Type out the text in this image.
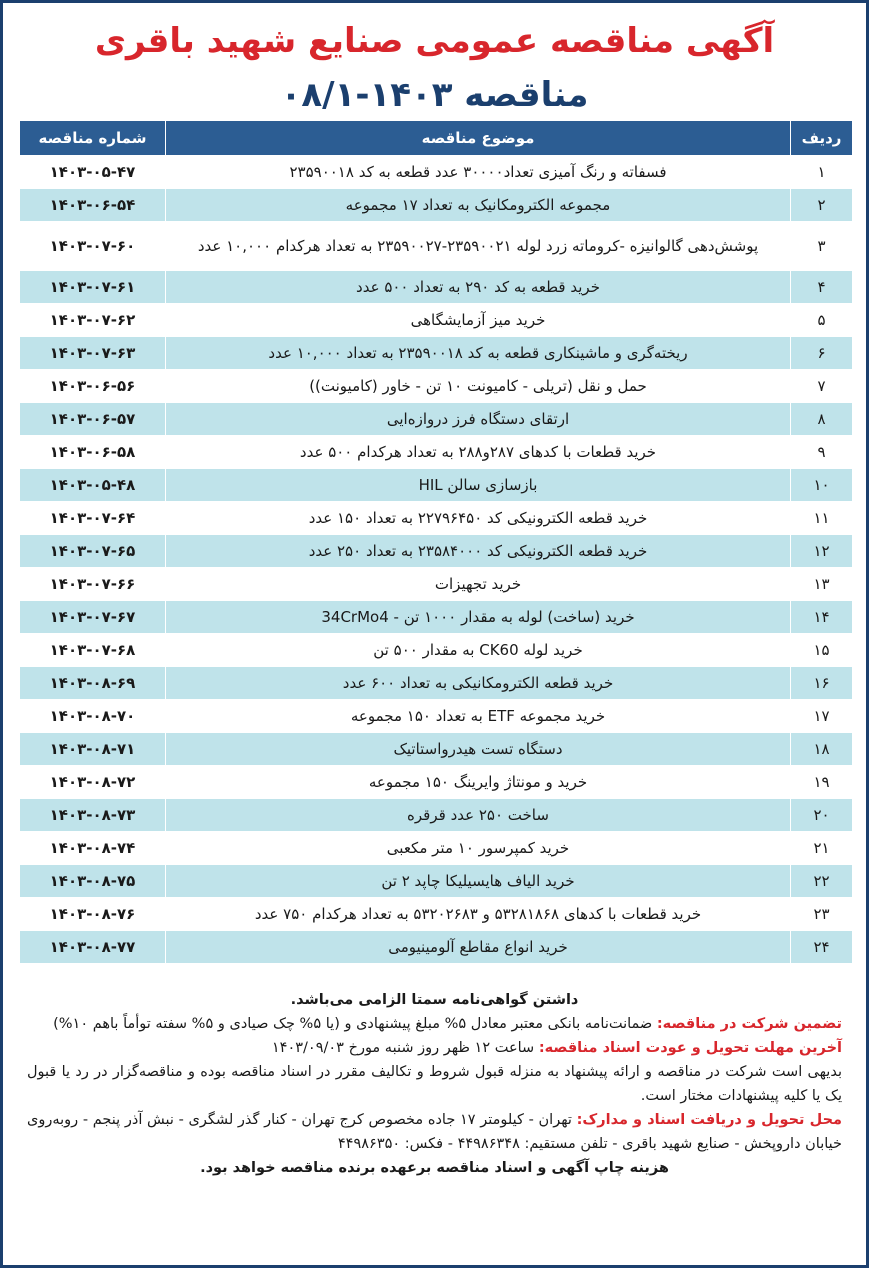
آگهی مناقصه عمومی صنایع شهید باقری
مناقصه ۱۴۰۳-۰۸/۱
ردیف	موضوع مناقصه	شماره مناقصه
۱	فسفاته و رنگ آمیزی تعداد۳۰۰۰۰ عدد قطعه به کد ۲۳۵۹۰۰۱۸	۱۴۰۳-۰۵-۴۷
۲	مجموعه الکترومکانیک به تعداد ۱۷ مجموعه	۱۴۰۳-۰۶-۵۴
۳	پوشش‌دهی گالوانیزه -کروماته زرد لوله ۲۳۵۹۰۰۲۱-۲۳۵۹۰۰۲۷ به تعداد هرکدام ۱۰,۰۰۰ عدد	۱۴۰۳-۰۷-۶۰
۴	خرید قطعه به کد ۲۹۰ به تعداد ۵۰۰ عدد	۱۴۰۳-۰۷-۶۱
۵	خرید میز آزمایشگاهی	۱۴۰۳-۰۷-۶۲
۶	ریخته‌گری و ماشینکاری قطعه به کد ۲۳۵۹۰۰۱۸ به تعداد ۱۰,۰۰۰ عدد	۱۴۰۳-۰۷-۶۳
۷	حمل و نقل (تریلی - کامیونت ۱۰ تن - خاور (کامیونت))	۱۴۰۳-۰۶-۵۶
۸	ارتقای دستگاه فرز دروازه‌ایی	۱۴۰۳-۰۶-۵۷
۹	خرید قطعات با کدهای ۲۸۷و۲۸۸ به تعداد هرکدام ۵۰۰ عدد	۱۴۰۳-۰۶-۵۸
۱۰	بازسازی سالن HIL	۱۴۰۳-۰۵-۴۸
۱۱	خرید قطعه الکترونیکی کد ۲۲۷۹۶۴۵۰ به تعداد ۱۵۰ عدد	۱۴۰۳-۰۷-۶۴
۱۲	خرید قطعه الکترونیکی کد ۲۳۵۸۴۰۰۰ به تعداد ۲۵۰ عدد	۱۴۰۳-۰۷-۶۵
۱۳	خرید تجهیزات	۱۴۰۳-۰۷-۶۶
۱۴	خرید (ساخت) لوله به مقدار ۱۰۰۰ تن - 34CrMo4	۱۴۰۳-۰۷-۶۷
۱۵	خرید لوله CK60 به مقدار ۵۰۰ تن	۱۴۰۳-۰۷-۶۸
۱۶	خرید قطعه الکترومکانیکی به تعداد ۶۰۰ عدد	۱۴۰۳-۰۸-۶۹
۱۷	خرید مجموعه ETF به تعداد ۱۵۰ مجموعه	۱۴۰۳-۰۸-۷۰
۱۸	دستگاه تست هیدرواستاتیک	۱۴۰۳-۰۸-۷۱
۱۹	خرید و مونتاژ وایرینگ ۱۵۰ مجموعه	۱۴۰۳-۰۸-۷۲
۲۰	ساخت ۲۵۰ عدد قرقره	۱۴۰۳-۰۸-۷۳
۲۱	خرید کمپرسور ۱۰ متر مکعبی	۱۴۰۳-۰۸-۷۴
۲۲	خرید الیاف هایسیلیکا چاپد ۲ تن	۱۴۰۳-۰۸-۷۵
۲۳	خرید قطعات با کدهای ۵۳۲۸۱۸۶۸ و ۵۳۲۰۲۶۸۳ به تعداد هرکدام ۷۵۰ عدد	۱۴۰۳-۰۸-۷۶
۲۴	خرید انواع مقاطع آلومینیومی	۱۴۰۳-۰۸-۷۷
داشتن گواهی‌نامه سمتا الزامی می‌باشد.
تضمین شرکت در مناقصه: ضمانت‌نامه بانکی معتبر معادل ۵% مبلغ پیشنهادی و (یا ۵% چک صیادی و ۵% سفته توأماً باهم ۱۰%)
آخرین مهلت تحویل و عودت اسناد مناقصه: ساعت ۱۲ ظهر روز شنبه مورخ ۱۴۰۳/۰۹/۰۳
بدیهی است شرکت در مناقصه و ارائه پیشنهاد به منزله قبول شروط و تکالیف مقرر در اسناد مناقصه بوده و مناقصه‌گزار در رد یا قبول یک یا کلیه پیشنهادات مختار است.
محل تحویل و دریافت اسناد و مدارک: تهران - کیلومتر ۱۷ جاده مخصوص کرج تهران - کنار گذر لشگری - نبش آذر پنجم - روبه‌روی خیابان داروپخش - صنایع شهید باقری - تلفن مستقیم: ۴۴۹۸۶۳۴۸ - فکس: ۴۴۹۸۶۳۵۰
هزینه چاپ آگهی و اسناد مناقصه برعهده برنده مناقصه خواهد بود.
